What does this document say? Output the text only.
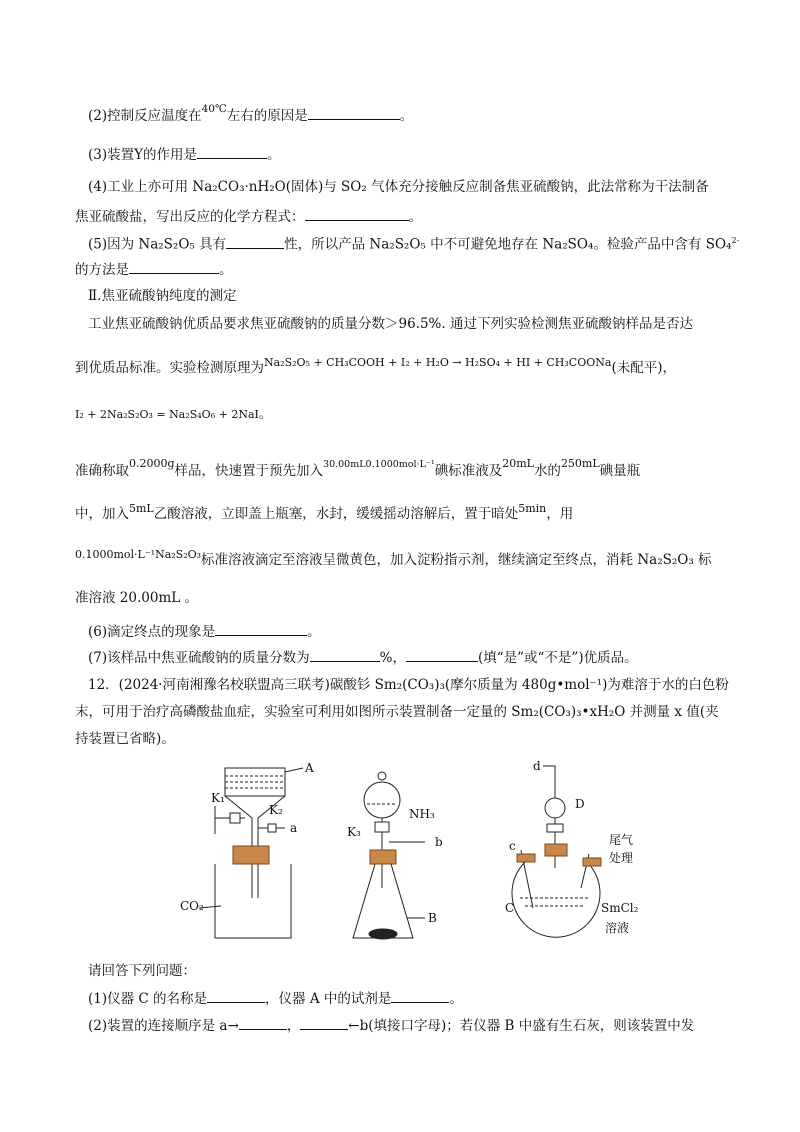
(2)控制反应温度在$^{40℃}$左右的原因是	。
(3)装置Y的作用是	。
(4)工业上亦可用 Na₂CO₃·nH₂O(固体)与 SO₂ 气体充分接触反应制备焦亚硫酸钠，此法常称为干法制备
焦亚硫酸盐，写出反应的化学方程式：	。
(5)因为 Na₂S₂O₅ 具有	性，所以产品 Na₂S₂O₅ 中不可避免地存在 Na₂SO₄。检验产品中含有 SO₄$^{2-}$
的方法是	。
Ⅱ.焦亚硫酸钠纯度的测定
工业焦亚硫酸钠优质品要求焦亚硫酸钠的质量分数＞96.5%. 通过下列实验检测焦亚硫酸钠样品是否达
到优质品标准。实验检测原理为$^{Na_2S_2O_5 + CH_3COOH + I_2 + H_2O \to H_2SO_4 + HI + CH_3COONa}$(未配平)，
I₂ + 2Na₂S₂O₃ = Na₂S₄O₆ + 2NaI。
准确称取$^{0.2000g}$样品，快速置于预先加入$^{30.00mL0.1000mol\cdot L^{-1}}$碘标准液及$^{20mL}$水的$^{250mL}$碘量瓶
中，加入$^{5mL}$乙酸溶液，立即盖上瓶塞，水封，缓缓摇动溶解后，置于暗处$^{5min}$，用
$^{0.1000mol\cdot L^{-1}Na_2S_2O_3}$标准溶液滴定至溶液呈微黄色，加入淀粉指示剂，继续滴定至终点，消耗 Na₂S₂O₃ 标
准溶液 20.00mL 。
(6)滴定终点的现象是	。
(7)该样品中焦亚硫酸钠的质量分数为	%，	(填“是”或“不是”)优质品。
12．(2024·河南湘豫名校联盟高三联考)碳酸钐 Sm₂(CO₃)₃(摩尔质量为 480g•mol⁻¹)为难溶于水的白色粉
末，可用于治疗高磷酸盐血症，实验室可利用如图所示装置制备一定量的 Sm₂(CO₃)₃•xH₂O 并测量 x 值(夹
持装置已省略)。
A
K₁
K₂
a
CO₂
K₃
NH₃
b
B
d
D
c	尾气
处理
C	SmCl₂
溶液
请回答下列问题：
(1)仪器 C 的名称是	，仪器 A 中的试剂是	。
(2)装置的连接顺序是 a→	，	←b(填接口字母)；若仪器 B 中盛有生石灰，则该装置中发
